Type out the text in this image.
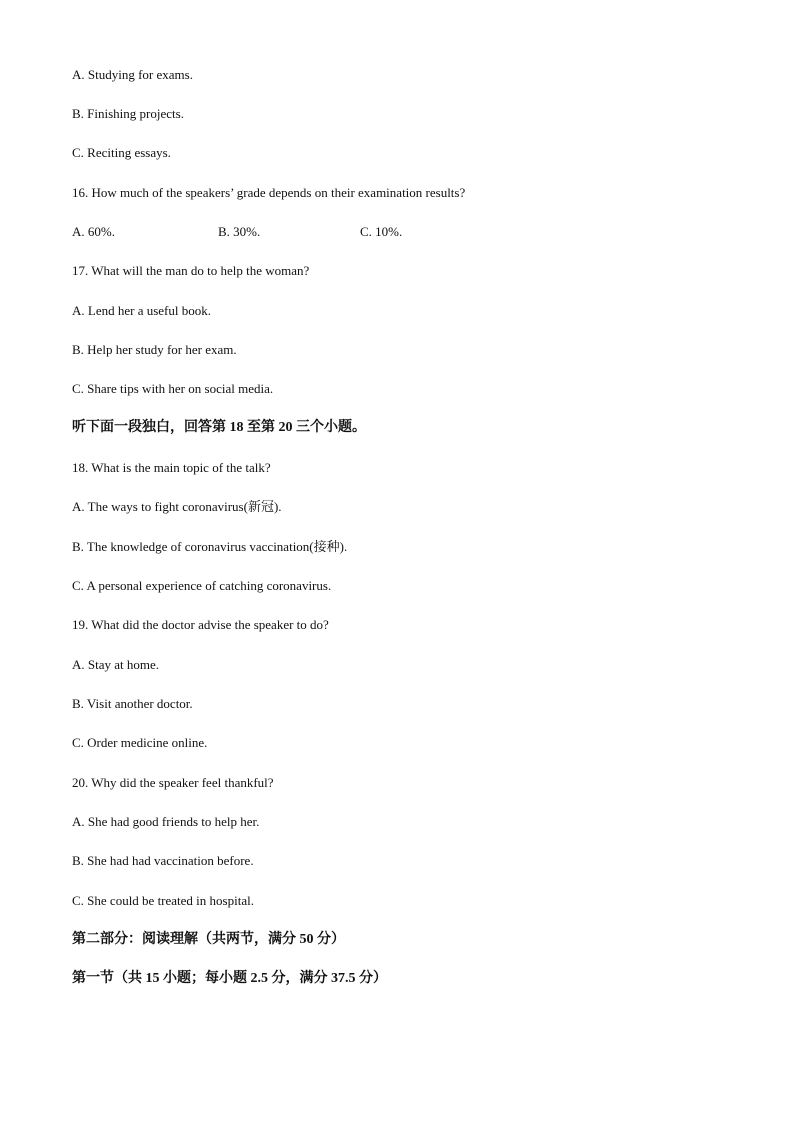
A. Studying for exams.
B. Finishing projects.
C. Reciting essays.
16. How much of the speakers’ grade depends on their examination results?
A. 60%.	B. 30%.	C. 10%.
17. What will the man do to help the woman?
A. Lend her a useful book.
B. Help her study for her exam.
C. Share tips with her on social media.
听下面一段独白，回答第 18 至第 20 三个小题。
18. What is the main topic of the talk?
A. The ways to fight coronavirus(新冠).
B. The knowledge of coronavirus vaccination(接种).
C. A personal experience of catching coronavirus.
19. What did the doctor advise the speaker to do?
A. Stay at home.
B. Visit another doctor.
C. Order medicine online.
20. Why did the speaker feel thankful?
A. She had good friends to help her.
B. She had had vaccination before.
C. She could be treated in hospital.
第二部分：阅读理解（共两节，满分 50 分）
第一节（共 15 小题；每小题 2.5 分，满分 37.5 分）
